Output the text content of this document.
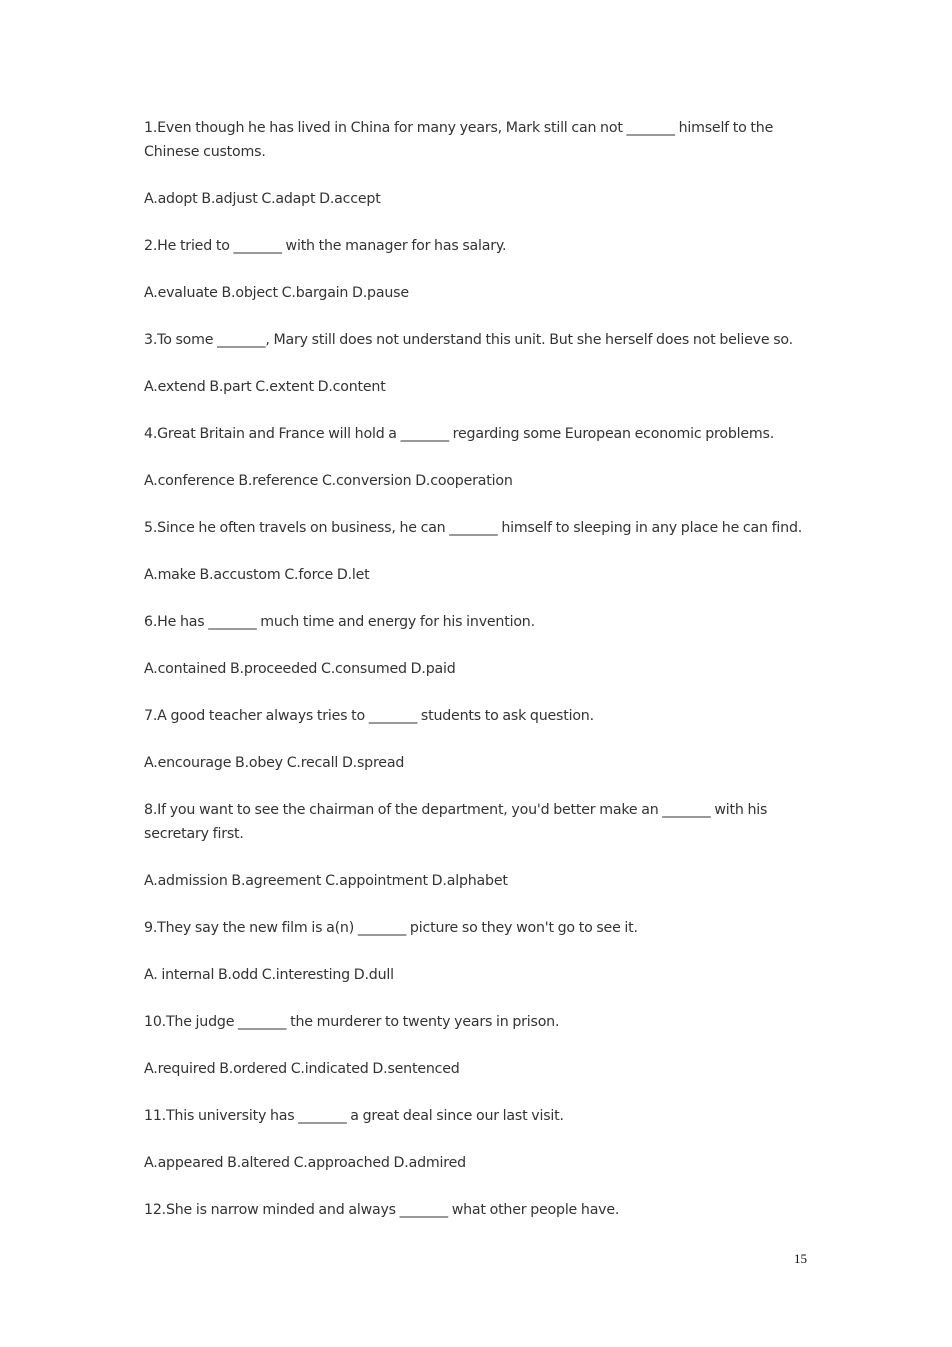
1.Even though he has lived in China for many years, Mark still can not _______ himself to the Chinese customs.
A.adopt B.adjust C.adapt D.accept
2.He tried to _______ with the manager for has salary.
A.evaluate B.object C.bargain D.pause
3.To some _______, Mary still does not understand this unit. But she herself does not believe so.
A.extend B.part C.extent D.content
4.Great Britain and France will hold a _______ regarding some European economic problems.
A.conference B.reference C.conversion D.cooperation
5.Since he often travels on business, he can _______ himself to sleeping in any place he can find.
A.make B.accustom C.force D.let
6.He has _______ much time and energy for his invention.
A.contained B.proceeded C.consumed D.paid
7.A good teacher always tries to _______ students to ask question.
A.encourage B.obey C.recall D.spread
8.If you want to see the chairman of the department, you'd better make an _______ with his secretary first.
A.admission B.agreement C.appointment D.alphabet
9.They say the new film is a(n) _______ picture so they won't go to see it.
A. internal B.odd C.interesting D.dull
10.The judge _______ the murderer to twenty years in prison.
A.required B.ordered C.indicated D.sentenced
11.This university has _______ a great deal since our last visit.
A.appeared B.altered C.approached D.admired
12.She is narrow minded and always _______ what other people have.
15
